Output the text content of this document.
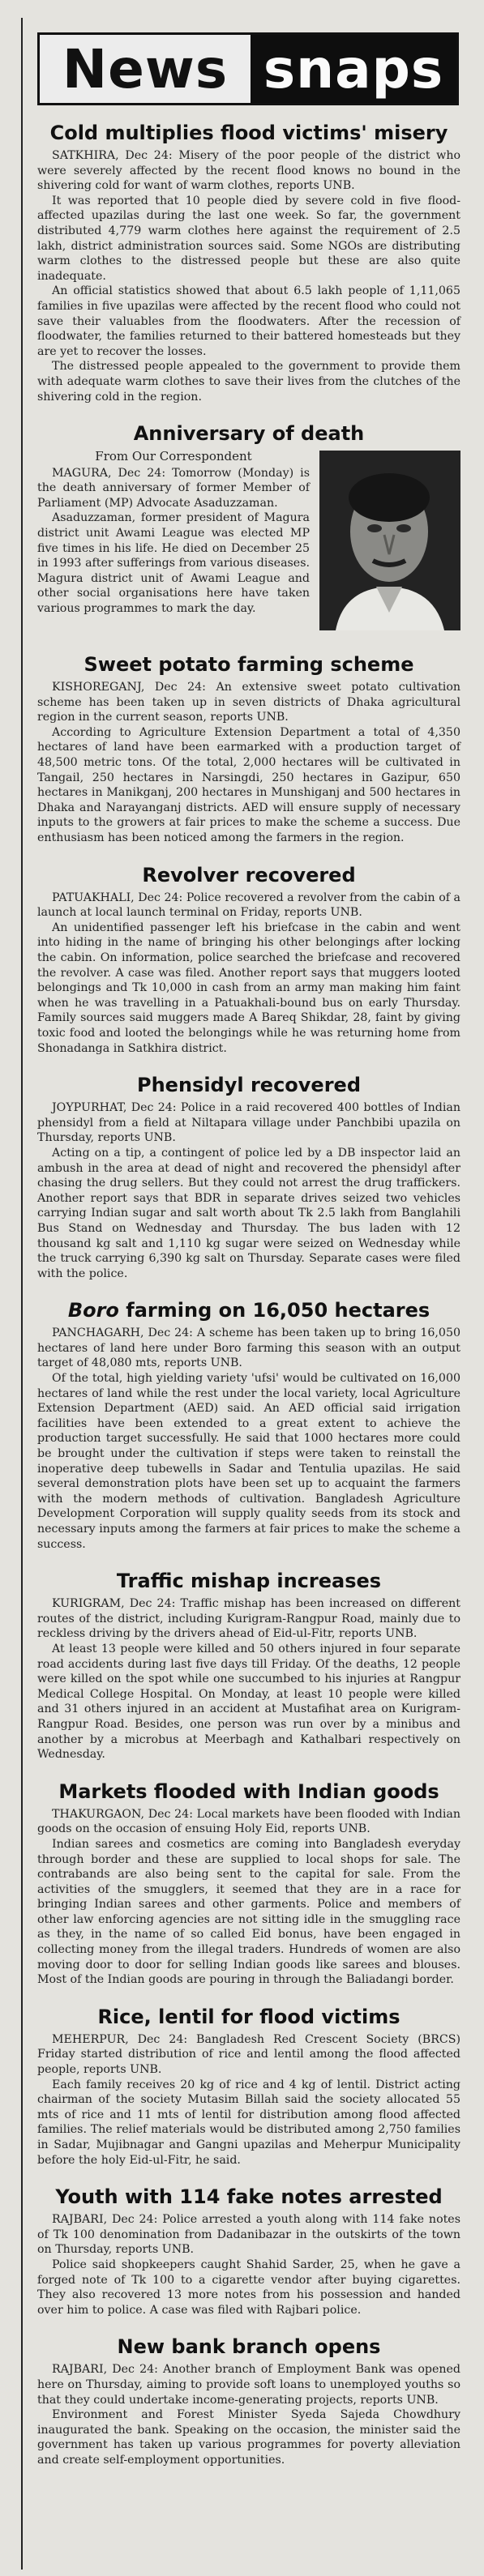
News snaps
Cold multiplies flood victims' misery

SATKHIRA, Dec 24: Misery of the poor people of the district who were severely affected by the recent flood knows no bound in the shivering cold for want of warm clothes, reports UNB.

It was reported that 10 people died by severe cold in five flood-affected upazilas during the last one week. So far, the government distributed 4,779 warm clothes here against the requirement of 2.5 lakh, district administration sources said. Some NGOs are distributing warm clothes to the distressed people but these are also quite inadequate.

An official statistics showed that about 6.5 lakh people of 1,11,065 families in five upazilas were affected by the recent flood who could not save their valuables from the floodwaters. After the recession of floodwater, the families returned to their battered homesteads but they are yet to recover the losses.

The distressed people appealed to the government to provide them with adequate warm clothes to save their lives from the clutches of the shivering cold in the region.

Anniversary of death

From Our Correspondent

MAGURA, Dec 24: Tomorrow (Monday) is the death anniversary of former Member of Parliament (MP) Advocate Asaduzzaman.

Asaduzzaman, former president of Magura district unit Awami League was elected MP five times in his life. He died on December 25 in 1993 after sufferings from various diseases. Magura district unit of Awami League and other social organisations here have taken various programmes to mark the day.

Sweet potato farming scheme

KISHOREGANJ, Dec 24: An extensive sweet potato cultivation scheme has been taken up in seven districts of Dhaka agricultural region in the current season, reports UNB.

According to Agriculture Extension Department a total of 4,350 hectares of land have been earmarked with a production target of 48,500 metric tons. Of the total, 2,000 hectares will be cultivated in Tangail, 250 hectares in Narsingdi, 250 hectares in Gazipur, 650 hectares in Manikganj, 200 hectares in Munshiganj and 500 hectares in Dhaka and Narayanganj districts. AED will ensure supply of necessary inputs to the growers at fair prices to make the scheme a success. Due enthusiasm has been noticed among the farmers in the region.

Revolver recovered

PATUAKHALI, Dec 24: Police recovered a revolver from the cabin of a launch at local launch terminal on Friday, reports UNB.

An unidentified passenger left his briefcase in the cabin and went into hiding in the name of bringing his other belongings after locking the cabin. On information, police searched the briefcase and recovered the revolver. A case was filed. Another report says that muggers looted belongings and Tk 10,000 in cash from an army man making him faint when he was travelling in a Patuakhali-bound bus on early Thursday. Family sources said muggers made A Bareq Shikdar, 28, faint by giving toxic food and looted the belongings while he was returning home from Shonadanga in Satkhira district.

Phensidyl recovered

JOYPURHAT, Dec 24: Police in a raid recovered 400 bottles of Indian phensidyl from a field at Niltapara village under Panchbibi upazila on Thursday, reports UNB.

Acting on a tip, a contingent of police led by a DB inspector laid an ambush in the area at dead of night and recovered the phensidyl after chasing the drug sellers. But they could not arrest the drug traffickers. Another report says that BDR in separate drives seized two vehicles carrying Indian sugar and salt worth about Tk 2.5 lakh from Banglahili Bus Stand on Wednesday and Thursday. The bus laden with 12 thousand kg salt and 1,110 kg sugar were seized on Wednesday while the truck carrying 6,390 kg salt on Thursday. Separate cases were filed with the police.

Boro farming on 16,050 hectares

PANCHAGARH, Dec 24: A scheme has been taken up to bring 16,050 hectares of land here under Boro farming this season with an output target of 48,080 mts, reports UNB.

Of the total, high yielding variety 'ufsi' would be cultivated on 16,000 hectares of land while the rest under the local variety, local Agriculture Extension Department (AED) said. An AED official said irrigation facilities have been extended to a great extent to achieve the production target successfully. He said that 1000 hectares more could be brought under the cultivation if steps were taken to reinstall the inoperative deep tubewells in Sadar and Tentulia upazilas. He said several demonstration plots have been set up to acquaint the farmers with the modern methods of cultivation. Bangladesh Agriculture Development Corporation will supply quality seeds from its stock and necessary inputs among the farmers at fair prices to make the scheme a success.

Traffic mishap increases

KURIGRAM, Dec 24: Traffic mishap has been increased on different routes of the district, including Kurigram-Rangpur Road, mainly due to reckless driving by the drivers ahead of Eid-ul-Fitr, reports UNB.

At least 13 people were killed and 50 others injured in four separate road accidents during last five days till Friday. Of the deaths, 12 people were killed on the spot while one succumbed to his injuries at Rangpur Medical College Hospital. On Monday, at least 10 people were killed and 31 others injured in an accident at Mustafihat area on Kurigram-Rangpur Road. Besides, one person was run over by a minibus and another by a microbus at Meerbagh and Kathalbari respectively on Wednesday.

Markets flooded with Indian goods

THAKURGAON, Dec 24: Local markets have been flooded with Indian goods on the occasion of ensuing Holy Eid, reports UNB.

Indian sarees and cosmetics are coming into Bangladesh everyday through border and these are supplied to local shops for sale. The contrabands are also being sent to the capital for sale. From the activities of the smugglers, it seemed that they are in a race for bringing Indian sarees and other garments. Police and members of other law enforcing agencies are not sitting idle in the smuggling race as they, in the name of so called Eid bonus, have been engaged in collecting money from the illegal traders. Hundreds of women are also moving door to door for selling Indian goods like sarees and blouses. Most of the Indian goods are pouring in through the Baliadangi border.

Rice, lentil for flood victims

MEHERPUR, Dec 24: Bangladesh Red Crescent Society (BRCS) Friday started distribution of rice and lentil among the flood affected people, reports UNB.

Each family receives 20 kg of rice and 4 kg of lentil. District acting chairman of the society Mutasim Billah said the society allocated 55 mts of rice and 11 mts of lentil for distribution among flood affected families. The relief materials would be distributed among 2,750 families in Sadar, Mujibnagar and Gangni upazilas and Meherpur Municipality before the holy Eid-ul-Fitr, he said.

Youth with 114 fake notes arrested

RAJBARI, Dec 24: Police arrested a youth along with 114 fake notes of Tk 100 denomination from Dadanibazar in the outskirts of the town on Thursday, reports UNB.

Police said shopkeepers caught Shahid Sarder, 25, when he gave a forged note of Tk 100 to a cigarette vendor after buying cigarettes. They also recovered 13 more notes from his possession and handed over him to police. A case was filed with Rajbari police.

New bank branch opens

RAJBARI, Dec 24: Another branch of Employment Bank was opened here on Thursday, aiming to provide soft loans to unemployed youths so that they could undertake income-generating projects, reports UNB.

Environment and Forest Minister Syeda Sajeda Chowdhury inaugurated the bank. Speaking on the occasion, the minister said the government has taken up various programmes for poverty alleviation and create self-employment opportunities.
